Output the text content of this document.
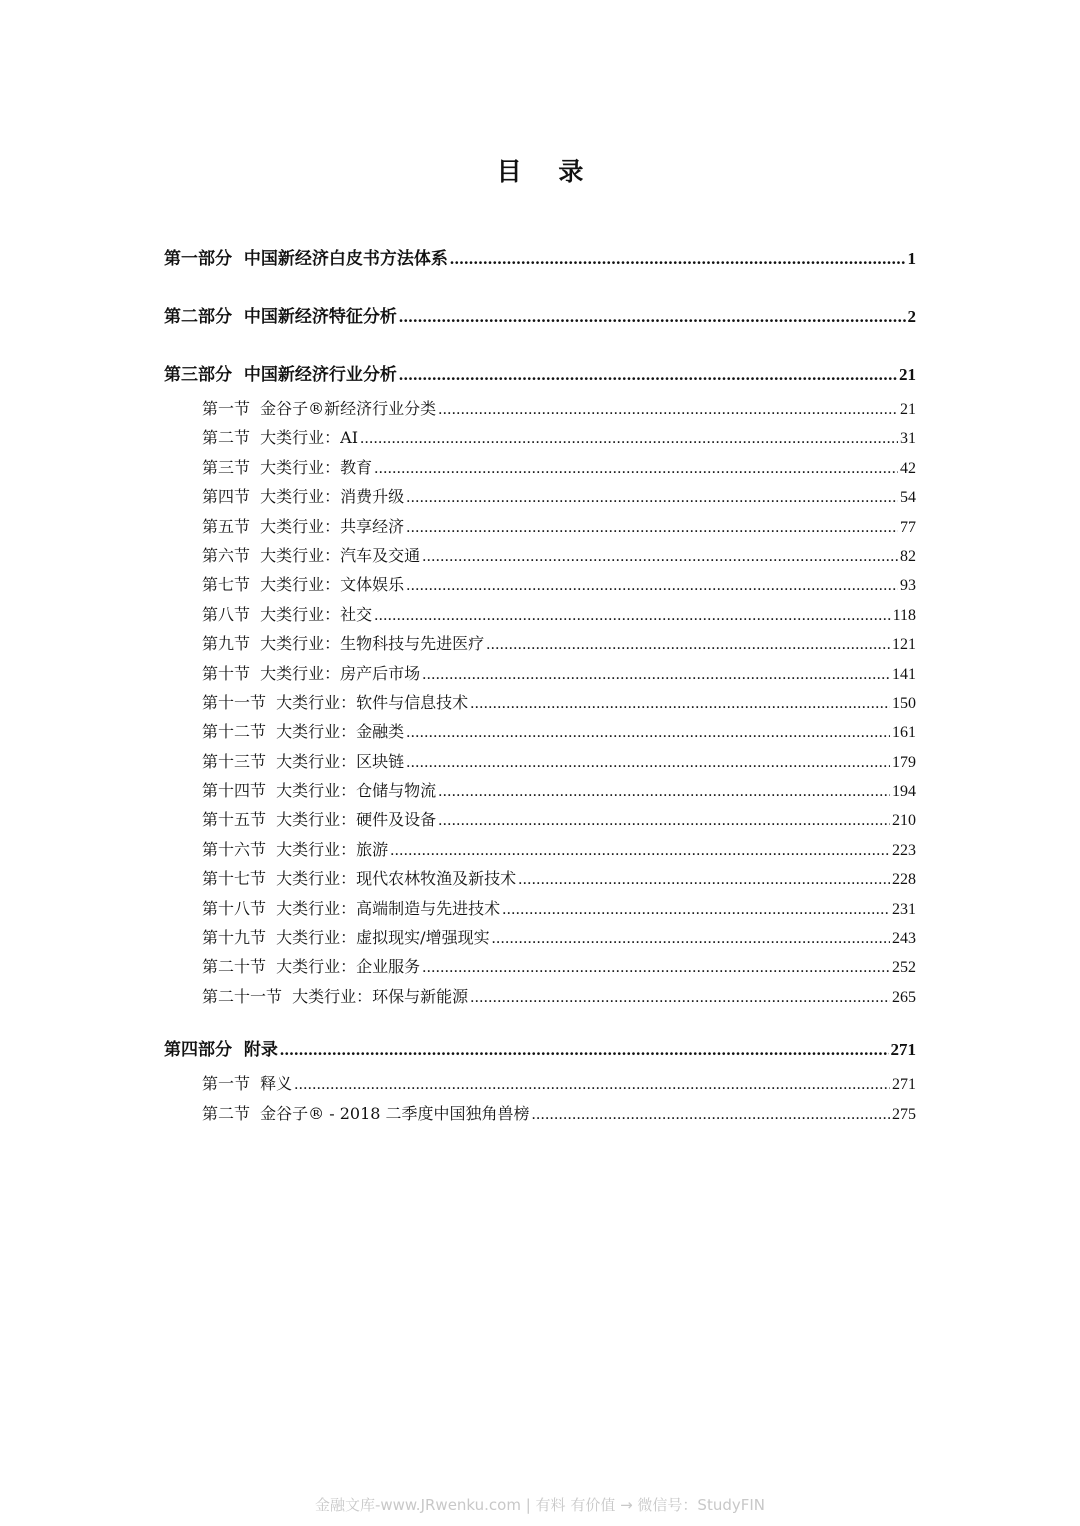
目 录
第一部分  中国新经济白皮书方法体系 .....	1
第二部分  中国新经济特征分析 .....	2
第三部分  中国新经济行业分析 .....	21
第一节  金谷子®新经济行业分类 .....	21
第二节  大类行业：AI .....	31
第三节  大类行业：教育 .....	42
第四节  大类行业：消费升级 .....	54
第五节  大类行业：共享经济 .....	77
第六节  大类行业：汽车及交通 .....	82
第七节  大类行业：文体娱乐 .....	93
第八节  大类行业：社交 .....	118
第九节  大类行业：生物科技与先进医疗 .....	121
第十节  大类行业：房产后市场 .....	141
第十一节  大类行业：软件与信息技术 .....	150
第十二节  大类行业：金融类 .....	161
第十三节  大类行业：区块链 .....	179
第十四节  大类行业：仓储与物流 .....	194
第十五节  大类行业：硬件及设备 .....	210
第十六节  大类行业：旅游 .....	223
第十七节  大类行业：现代农林牧渔及新技术 .....	228
第十八节  大类行业：高端制造与先进技术 .....	231
第十九节  大类行业：虚拟现实/增强现实 .....	243
第二十节  大类行业：企业服务 .....	252
第二十一节  大类行业：环保与新能源 .....	265
第四部分  附录 .....	271
第一节  释义 .....	271
第二节  金谷子® - 2018 二季度中国独角兽榜 .....	275
金融文库-www.JRwenku.com | 有料 有价值 → 微信号：StudyFIN
